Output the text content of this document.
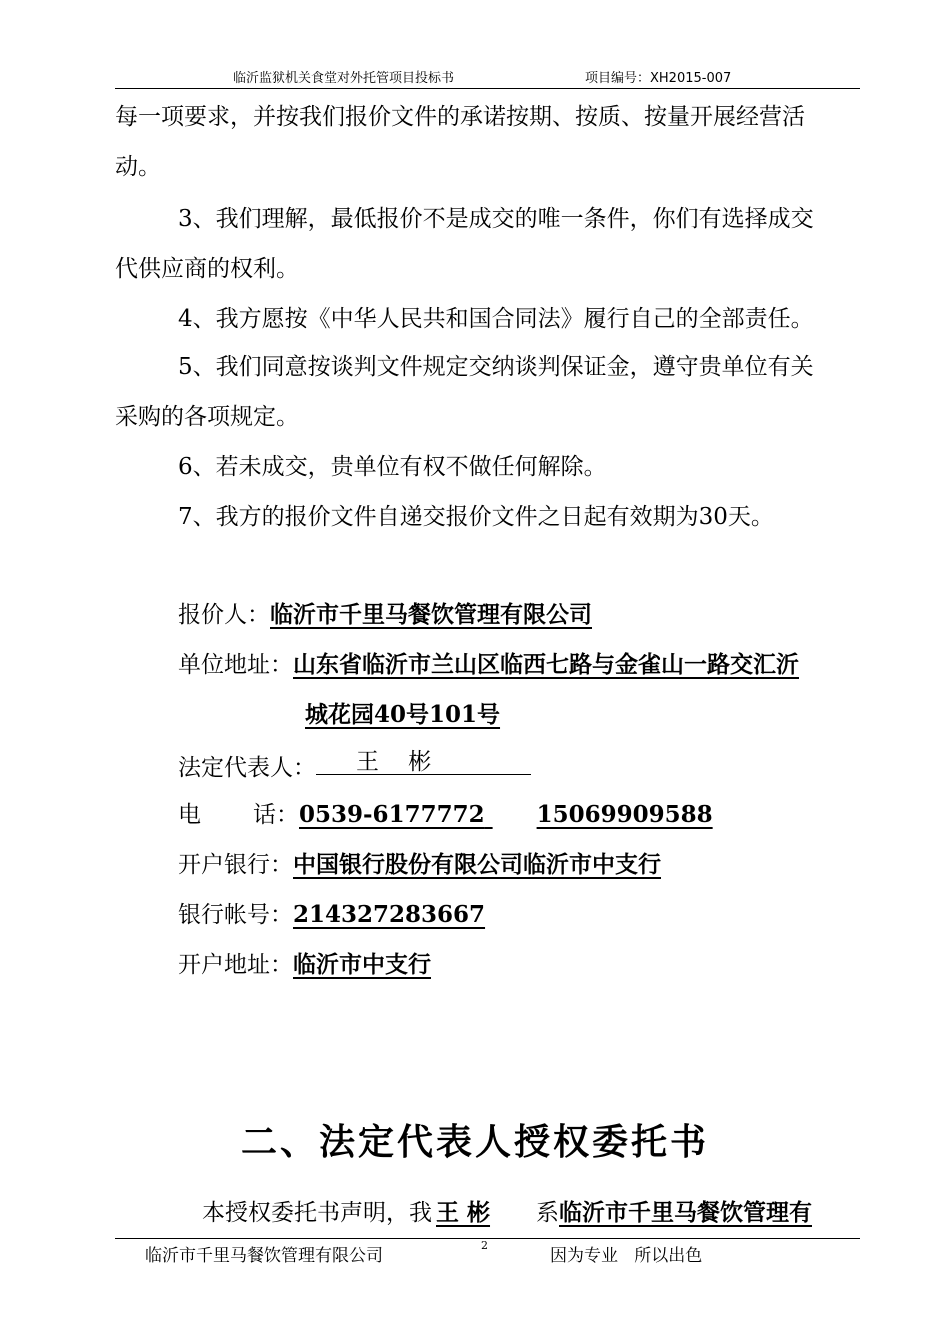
临沂监狱机关食堂对外托管项目投标书	项目编号：XH2015-007
每一项要求，并按我们报价文件的承诺按期、按质、按量开展经营活
动。
3、我们理解，最低报价不是成交的唯一条件，你们有选择成交
代供应商的权利。
4、我方愿按《中华人民共和国合同法》履行自己的全部责任。
5、我们同意按谈判文件规定交纳谈判保证金，遵守贵单位有关
采购的各项规定。
6、若未成交，贵单位有权不做任何解除。
7、我方的报价文件自递交报价文件之日起有效期为30天。
报价人：临沂市千里马餐饮管理有限公司
单位地址：山东省临沂市兰山区临西七路与金雀山一路交汇沂
城花园40号101号
法定代表人： 王    彬
电 话：0539-6177772 15069909588
开户银行：中国银行股份有限公司临沂市中支行
银行帐号：214327283667
开户地址：临沂市中支行
二、法定代表人授权委托书
本授权委托书声明，我 王 彬 系临沂市千里马餐饮管理有
临沂市千里马餐饮管理有限公司
2
因为专业   所以出色
